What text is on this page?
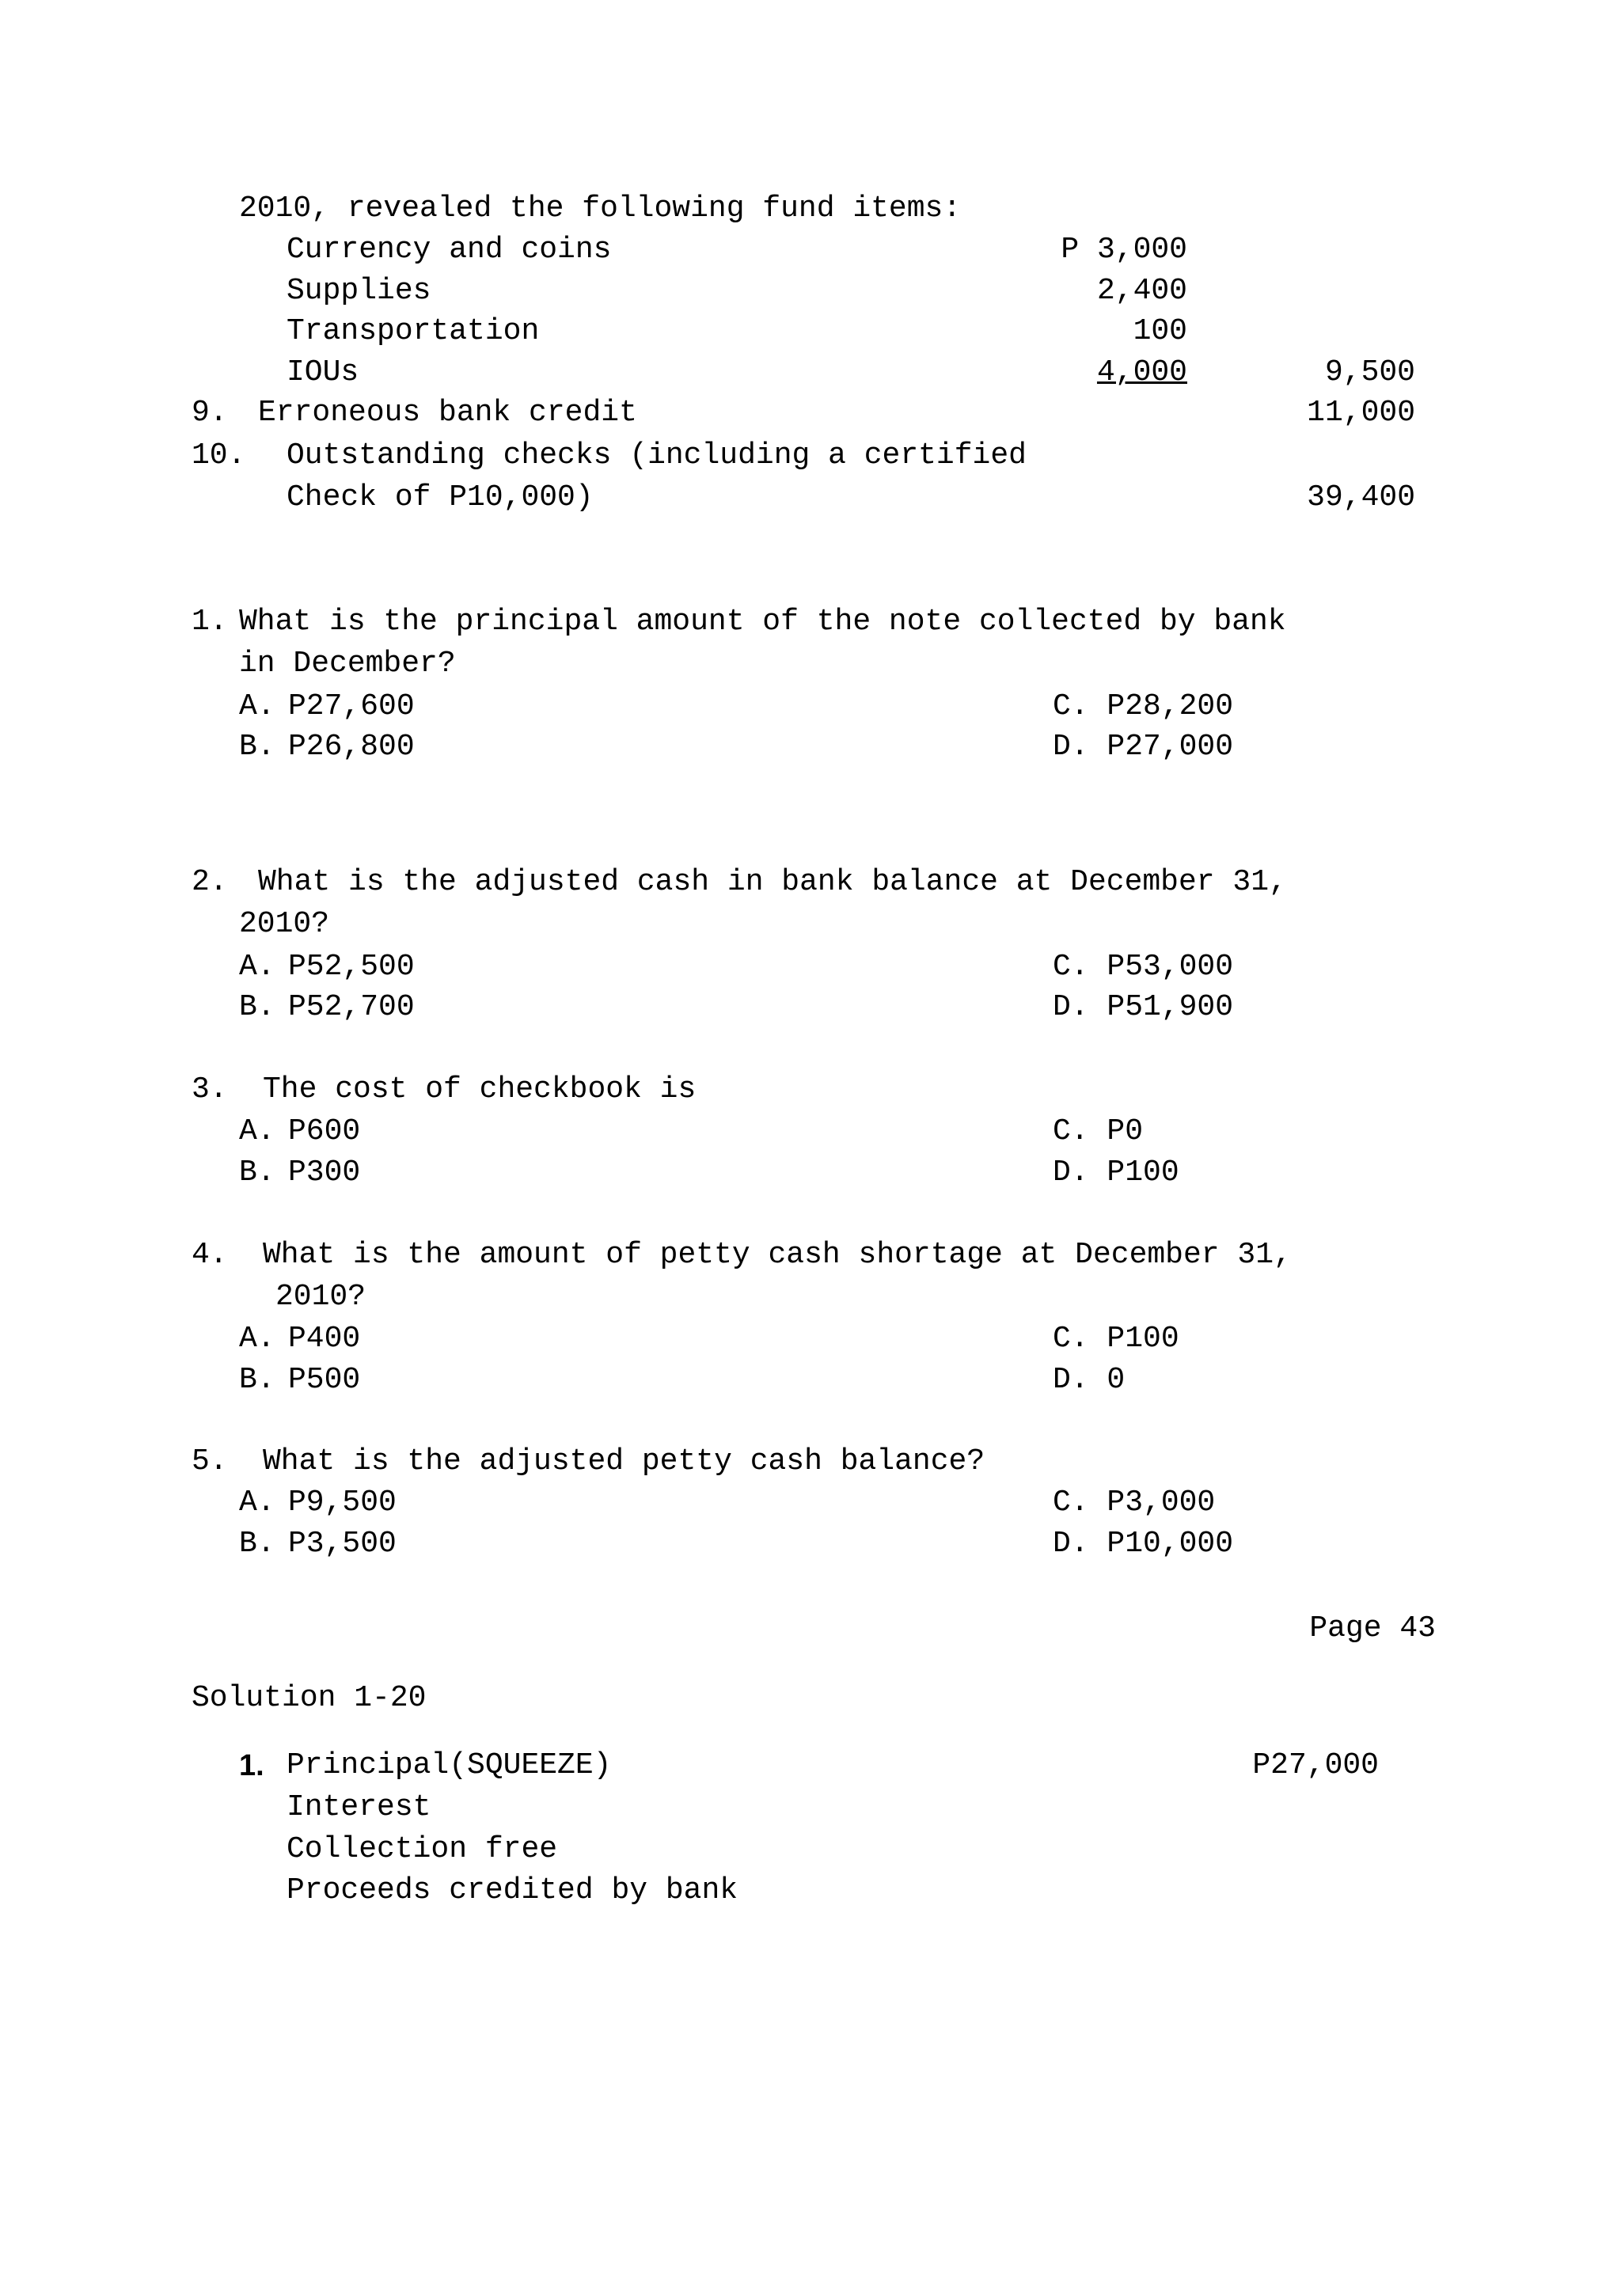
2010, revealed the following fund items:
Currency and coins	P 3,000
Supplies	2,400
Transportation	100
IOUs	4,000	9,500
9. Erroneous bank credit	11,000
10. Outstanding checks (including a certified
Check of P10,000)	39,400
1. What is the principal amount of the note collected by bank
in December?
A. P27,600	C. P28,200
B. P26,800	D. P27,000
2. What is the adjusted cash in bank balance at December 31,
2010?
A. P52,500	C. P53,000
B. P52,700	D. P51,900
3. The cost of checkbook is
A. P600	C. P0
B. P300	D. P100
4. What is the amount of petty cash shortage at December 31,
2010?
A. P400	C. P100
B. P500	D. 0
5. What is the adjusted petty cash balance?
A. P9,500	C. P3,000
B. P3,500	D. P10,000
Page 43
Solution 1-20
1. Principal(SQUEEZE)	P27,000
Interest
Collection free
Proceeds credited by bank
